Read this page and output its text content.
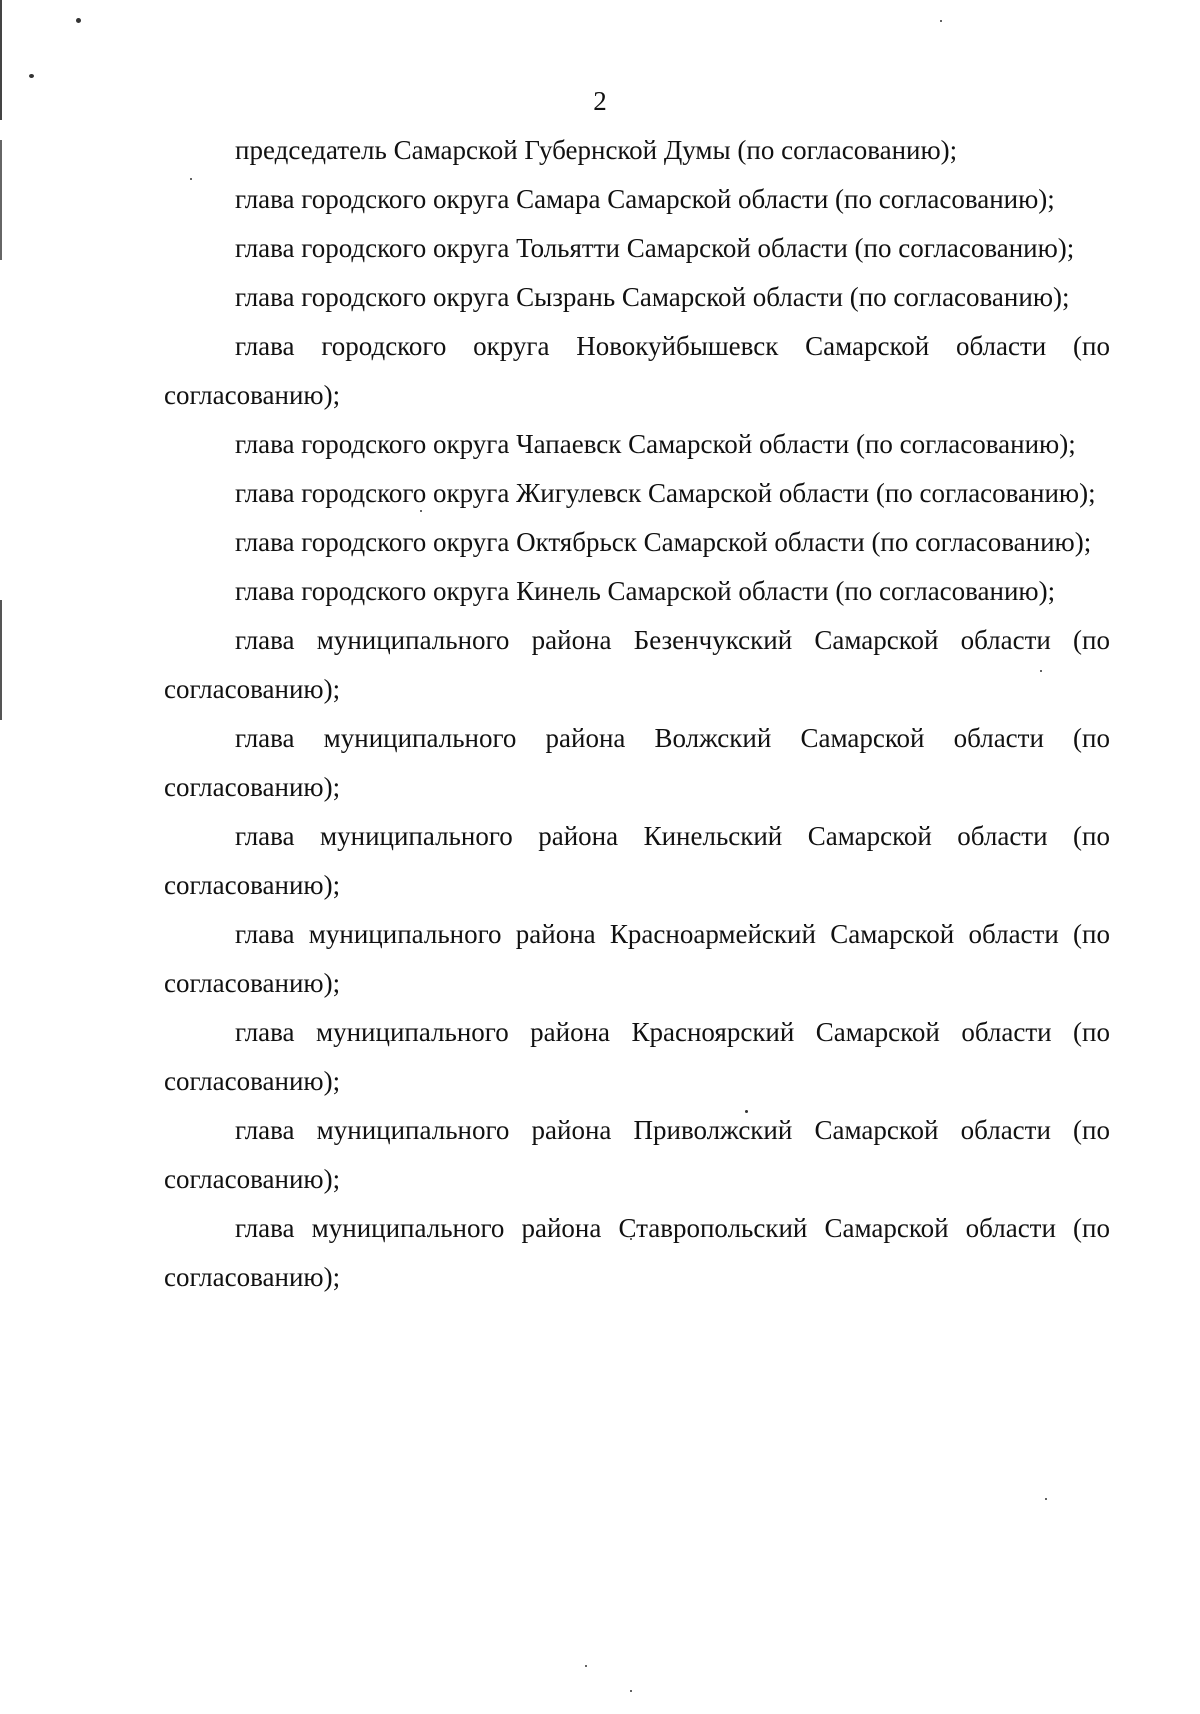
2

председатель Самарской Губернской Думы (по согласованию);

глава городского округа Самара Самарской области (по согласованию);

глава городского округа Тольятти Самарской области (по согласованию);

глава городского округа Сызрань Самарской области (по согласованию);

глава городского округа Новокуйбышевск Самарской области (по согласованию);

глава городского округа Чапаевск Самарской области (по согласованию);

глава городского округа Жигулевск Самарской области (по согласованию);

глава городского округа Октябрьск Самарской области (по согласованию);

глава городского округа Кинель Самарской области (по согласованию);

глава муниципального района Безенчукский Самарской области (по согласованию);

глава муниципального района Волжский Самарской области (по согласованию);

глава муниципального района Кинельский Самарской области (по согласованию);

глава муниципального района Красноармейский Самарской области (по согласованию);

глава муниципального района Красноярский Самарской области (по согласованию);

глава муниципального района Приволжский Самарской области (по согласованию);

глава муниципального района Ставропольский Самарской области (по согласованию);
